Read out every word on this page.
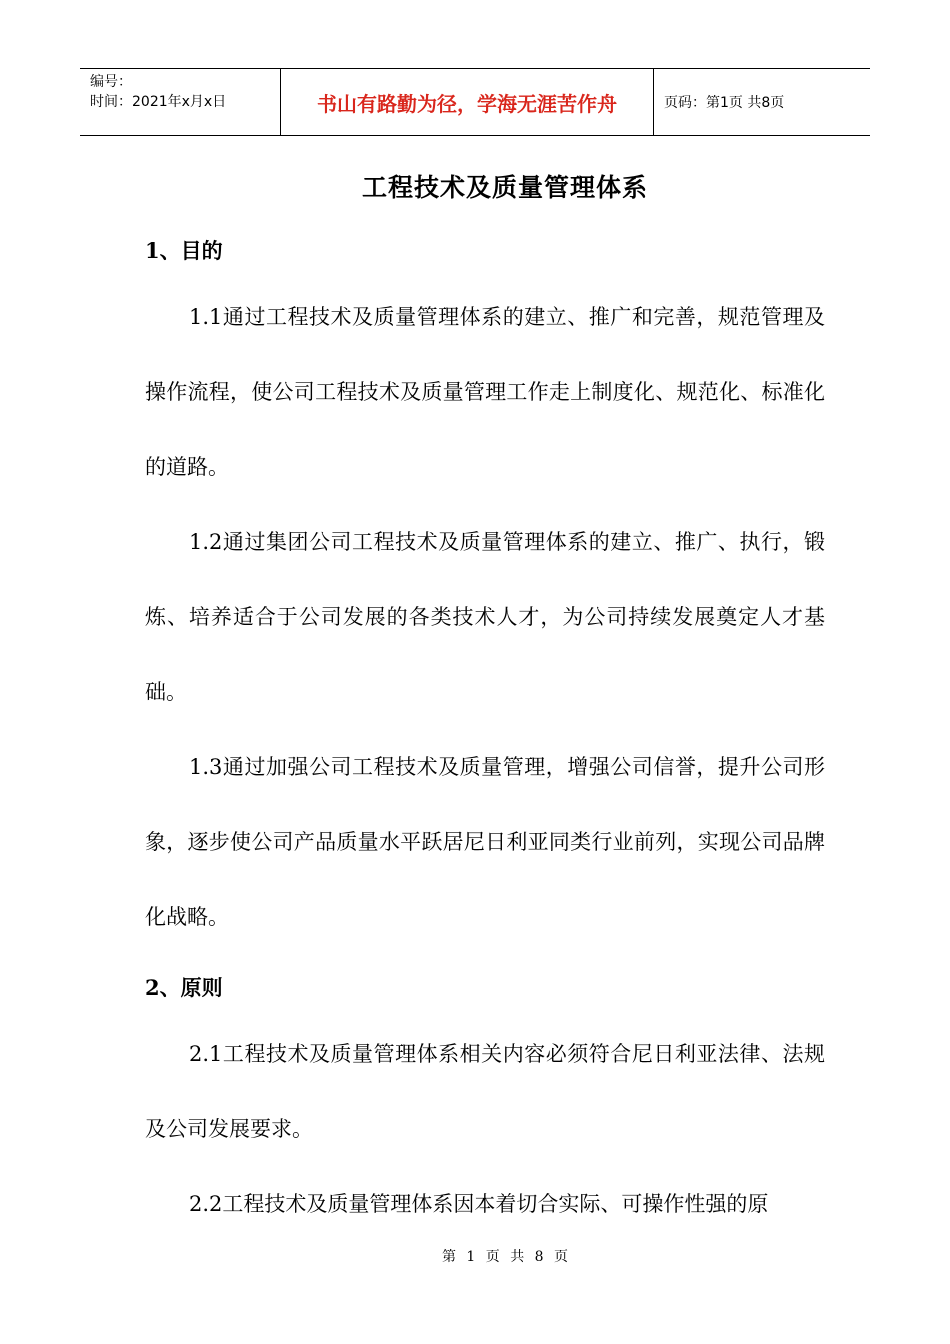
编号：
时间：2021年x月x日	书山有路勤为径，学海无涯苦作舟	页码：第1页 共8页
工程技术及质量管理体系
1、目的

1.1通过工程技术及质量管理体系的建立、推广和完善，规范管理及操作流程，使公司工程技术及质量管理工作走上制度化、规范化、标准化的道路。

1.2通过集团公司工程技术及质量管理体系的建立、推广、执行，锻炼、培养适合于公司发展的各类技术人才，为公司持续发展奠定人才基础。

1.3通过加强公司工程技术及质量管理，增强公司信誉，提升公司形象，逐步使公司产品质量水平跃居尼日利亚同类行业前列，实现公司品牌化战略。

2、原则

2.1工程技术及质量管理体系相关内容必须符合尼日利亚法律、法规及公司发展要求。

2.2工程技术及质量管理体系因本着切合实际、可操作性强的原

第 1 页 共 8 页
